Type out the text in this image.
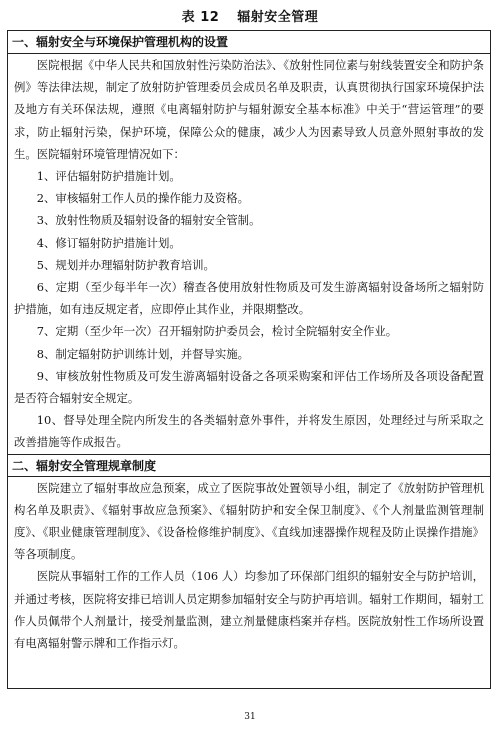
表 12 辐射安全管理
一、辐射安全与环境保护管理机构的设置

医院根据《中华人民共和国放射性污染防治法》、《放射性同位素与射线装置安全和防护条例》等法律法规，制定了放射防护管理委员会成员名单及职责，认真贯彻执行国家环境保护法及地方有关环保法规，遵照《电离辐射防护与辐射源安全基本标准》中关于“营运管理”的要求，防止辐射污染，保护环境，保障公众的健康，减少人为因素导致人员意外照射事故的发生。医院辐射环境管理情况如下：

1、评估辐射防护措施计划。

2、审核辐射工作人员的操作能力及资格。

3、放射性物质及辐射设备的辐射安全管制。

4、修订辐射防护措施计划。

5、规划并办理辐射防护教育培训。

6、定期（至少每半年一次）稽查各使用放射性物质及可发生游离辐射设备场所之辐射防护措施，如有违反规定者，应即停止其作业，并限期整改。

7、定期（至少年一次）召开辐射防护委员会，检讨全院辐射安全作业。

8、制定辐射防护训练计划，并督导实施。

9、审核放射性物质及可发生游离辐射设备之各项采购案和评估工作场所及各项设备配置是否符合辐射安全规定。

10、督导处理全院内所发生的各类辐射意外事件，并将发生原因，处理经过与所采取之改善措施等作成报告。

二、辐射安全管理规章制度

医院建立了辐射事故应急预案，成立了医院事故处置领导小组，制定了《放射防护管理机构名单及职责》、《辐射事故应急预案》、《辐射防护和安全保卫制度》、《个人剂量监测管理制度》、《职业健康管理制度》、《设备检修维护制度》、《直线加速器操作规程及防止误操作措施》等各项制度。

医院从事辐射工作的工作人员（106 人）均参加了环保部门组织的辐射安全与防护培训，并通过考核，医院将安排已培训人员定期参加辐射安全与防护再培训。辐射工作期间，辐射工作人员佩带个人剂量计，接受剂量监测，建立剂量健康档案并存档。医院放射性工作场所设置有电离辐射警示牌和工作指示灯。

31
